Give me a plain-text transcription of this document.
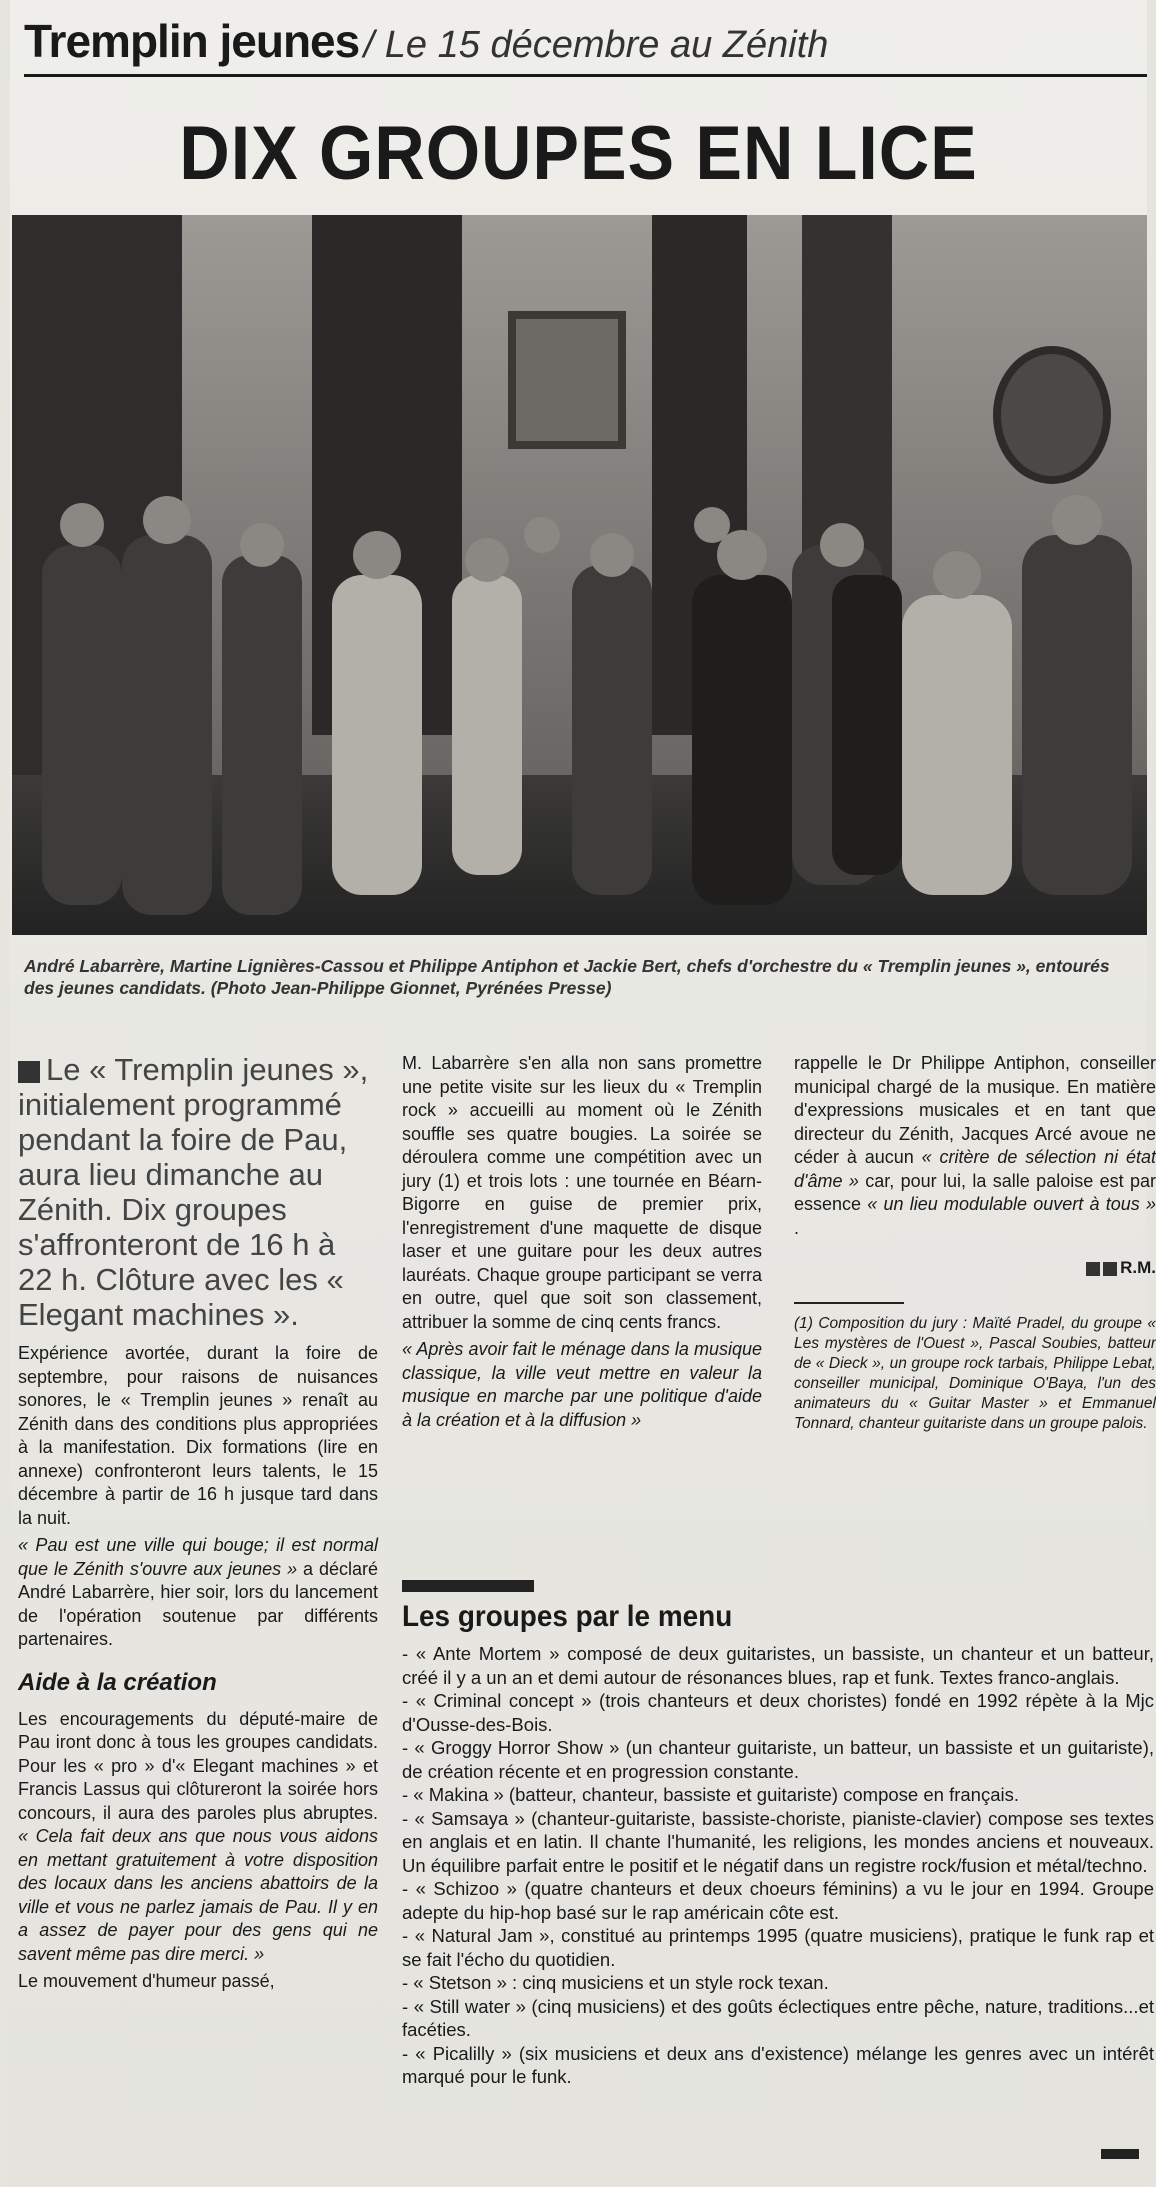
Tremplin jeunes / Le 15 décembre au Zénith
DIX GROUPES EN LICE
André Labarrère, Martine Lignières-Cassou et Philippe Antiphon et Jackie Bert, chefs d'orchestre du « Tremplin jeunes », entourés des jeunes candidats. (Photo Jean-Philippe Gionnet, Pyrénées Presse)
Le « Tremplin jeunes », initialement programmé pendant la foire de Pau, aura lieu dimanche au Zénith. Dix groupes s'affronteront de 16 h à 22 h. Clôture avec les « Elegant machines ».

Expérience avortée, durant la foire de septembre, pour raisons de nuisances sonores, le « Tremplin jeunes » renaît au Zénith dans des conditions plus appropriées à la manifestation. Dix formations (lire en annexe) confronteront leurs talents, le 15 décembre à partir de 16 h jusque tard dans la nuit.

« Pau est une ville qui bouge; il est normal que le Zénith s'ouvre aux jeunes » a déclaré André Labarrère, hier soir, lors du lancement de l'opération soutenue par différents partenaires.

Aide à la création

Les encouragements du député-maire de Pau iront donc à tous les groupes candidats. Pour les « pro » d'« Elegant machines » et Francis Lassus qui clôtureront la soirée hors concours, il aura des paroles plus abruptes. « Cela fait deux ans que nous vous aidons en mettant gratuitement à votre disposition des locaux dans les anciens abattoirs de la ville et vous ne parlez jamais de Pau. Il y en a assez de payer pour des gens qui ne savent même pas dire merci. »

Le mouvement d'humeur passé,

M. Labarrère s'en alla non sans promettre une petite visite sur les lieux du « Tremplin rock » accueilli au moment où le Zénith souffle ses quatre bougies. La soirée se déroulera comme une compétition avec un jury (1) et trois lots : une tournée en Béarn-Bigorre en guise de premier prix, l'enregistrement d'une maquette de disque laser et une guitare pour les deux autres lauréats. Chaque groupe participant se verra en outre, quel que soit son classement, attribuer la somme de cinq cents francs.

« Après avoir fait le ménage dans la musique classique, la ville veut mettre en valeur la musique en marche par une politique d'aide à la création et à la diffusion »

rappelle le Dr Philippe Antiphon, conseiller municipal chargé de la musique. En matière d'expressions musicales et en tant que directeur du Zénith, Jacques Arcé avoue ne céder à aucun « critère de sélection ni état d'âme » car, pour lui, la salle paloise est par essence « un lieu modulable ouvert à tous » .

R.M.
(1) Composition du jury : Maïté Pradel, du groupe « Les mystères de l'Ouest », Pascal Soubies, batteur de « Dieck », un groupe rock tarbais, Philippe Lebat, conseiller municipal, Dominique O'Baya, l'un des animateurs du « Guitar Master » et Emmanuel Tonnard, chanteur guitariste dans un groupe palois.
Les groupes par le menu

- « Ante Mortem » composé de deux guitaristes, un bassiste, un chanteur et un batteur, créé il y a un an et demi autour de résonances blues, rap et funk. Textes franco-anglais.

- « Criminal concept » (trois chanteurs et deux choristes) fondé en 1992 répète à la Mjc d'Ousse-des-Bois.

- « Groggy Horror Show » (un chanteur guitariste, un batteur, un bassiste et un guitariste), de création récente et en progression constante.

- « Makina » (batteur, chanteur, bassiste et guitariste) compose en français.

- « Samsaya » (chanteur-guitariste, bassiste-choriste, pianiste-clavier) compose ses textes en anglais et en latin. Il chante l'humanité, les religions, les mondes anciens et nouveaux. Un équilibre parfait entre le positif et le négatif dans un registre rock/fusion et métal/techno.

- « Schizoo » (quatre chanteurs et deux choeurs féminins) a vu le jour en 1994. Groupe adepte du hip-hop basé sur le rap américain côte est.

- « Natural Jam », constitué au printemps 1995 (quatre musiciens), pratique le funk rap et se fait l'écho du quotidien.

- « Stetson » : cinq musiciens et un style rock texan.

- « Still water » (cinq musiciens) et des goûts éclectiques entre pêche, nature, traditions...et facéties.

- « Picalilly » (six musiciens et deux ans d'existence) mélange les genres avec un intérêt marqué pour le funk.
